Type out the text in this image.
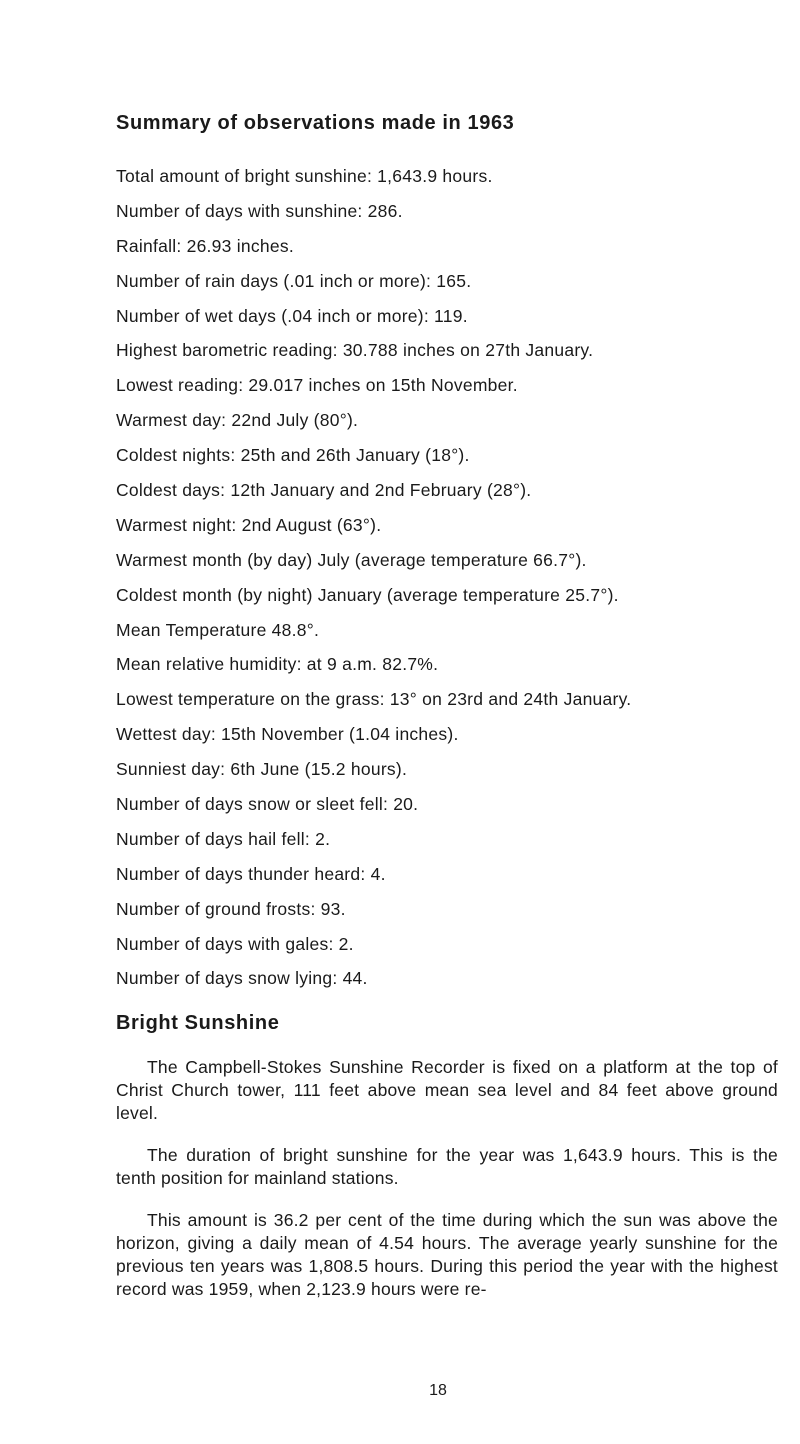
Summary of observations made in 1963
Total amount of bright sunshine: 1,643.9 hours.
Number of days with sunshine: 286.
Rainfall: 26.93 inches.
Number of rain days (.01 inch or more): 165.
Number of wet days (.04 inch or more): 119.
Highest barometric reading: 30.788 inches on 27th January.
Lowest reading: 29.017 inches on 15th November.
Warmest day: 22nd July (80°).
Coldest nights: 25th and 26th January (18°).
Coldest days: 12th January and 2nd February (28°).
Warmest night: 2nd August (63°).
Warmest month (by day) July (average temperature 66.7°).
Coldest month (by night) January (average temperature 25.7°).
Mean Temperature 48.8°.
Mean relative humidity: at 9 a.m. 82.7%.
Lowest temperature on the grass: 13° on 23rd and 24th January.
Wettest day: 15th November (1.04 inches).
Sunniest day: 6th June (15.2 hours).
Number of days snow or sleet fell: 20.
Number of days hail fell: 2.
Number of days thunder heard: 4.
Number of ground frosts: 93.
Number of days with gales: 2.
Number of days snow lying: 44.
Bright Sunshine

The Campbell-Stokes Sunshine Recorder is fixed on a platform at the top of Christ Church tower, 111 feet above mean sea level and 84 feet above ground level.

The duration of bright sunshine for the year was 1,643.9 hours. This is the tenth position for mainland stations.

This amount is 36.2 per cent of the time during which the sun was above the horizon, giving a daily mean of 4.54 hours. The average yearly sunshine for the previous ten years was 1,808.5 hours. During this period the year with the highest record was 1959, when 2,123.9 hours were re-

18
